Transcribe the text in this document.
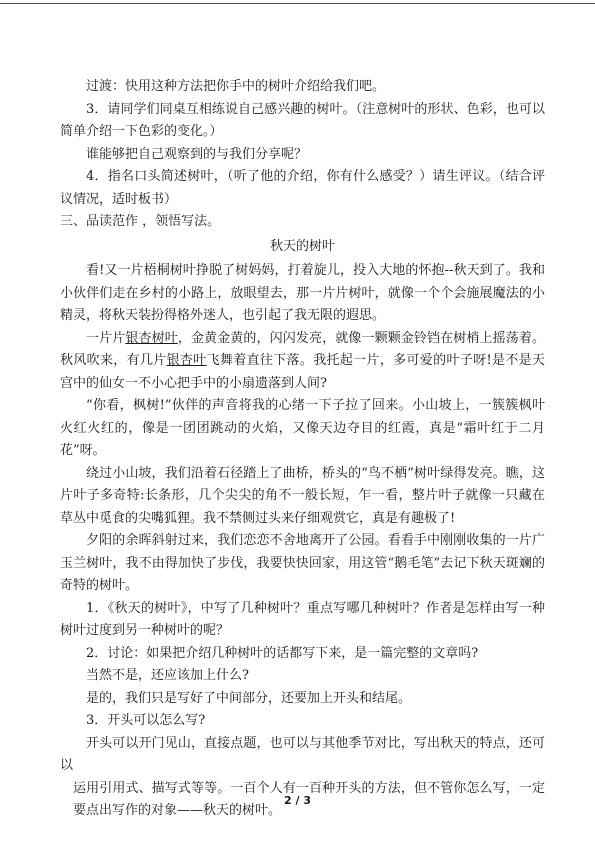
过渡：快用这种方法把你手中的树叶介绍给我们吧。

3．请同学们同桌互相练说自己感兴趣的树叶。（注意树叶的形状、色彩，也可以简单介绍一下色彩的变化。）

谁能够把自己观察到的与我们分享呢？

4．指名口头简述树叶，（听了他的介绍，你有什么感受？）请生评议。（结合评议情况，适时板书）

三、品读范作 ，领悟写法。

秋天的树叶

看!又一片梧桐树叶挣脱了树妈妈，打着旋儿，投入大地的怀抱--秋天到了。我和小伙伴们走在乡村的小路上，放眼望去，那一片片树叶，就像一个个会施展魔法的小精灵，将秋天装扮得格外迷人，也引起了我无限的遐思。

一片片银杏树叶，金黄金黄的，闪闪发亮，就像一颗颗金铃铛在树梢上摇荡着。秋风吹来，有几片银杏叶飞舞着直往下落。我托起一片，多可爱的叶子呀!是不是天宫中的仙女一不小心把手中的小扇遗落到人间?

“你看，枫树!”伙伴的声音将我的心绪一下子拉了回来。小山坡上，一簇簇枫叶火红火红的，像是一团团跳动的火焰，又像天边夺目的红霞，真是“霜叶红于二月花”呀。

绕过小山坡，我们沿着石径踏上了曲桥，桥头的“鸟不栖”树叶绿得发亮。瞧，这片叶子多奇特:长条形，几个尖尖的角不一般长短，乍一看，整片叶子就像一只藏在草丛中觅食的尖嘴狐狸。我不禁侧过头来仔细观赏它，真是有趣极了!

夕阳的余晖斜射过来，我们恋恋不舍地离开了公园。看看手中刚刚收集的一片广玉兰树叶，我不由得加快了步伐，我要快快回家，用这管“鹅毛笔”去记下秋天斑斓的奇特的树叶。

1．《秋天的树叶》，中写了几种树叶？重点写哪几种树叶？作者是怎样由写一种树叶过度到另一种树叶的呢？

2．讨论：如果把介绍几种树叶的话都写下来，是一篇完整的文章吗?

当然不是，还应该加上什么?

是的，我们只是写好了中间部分，还要加上开头和结尾。

3．开头可以怎么写?

开头可以开门见山，直接点题，也可以与其他季节对比，写出秋天的特点，还可以

运用引用式、描写式等等。一百个人有一百种开头的方法，但不管你怎么写，一定要点出写作的对象——秋天的树叶。

2 / 3
